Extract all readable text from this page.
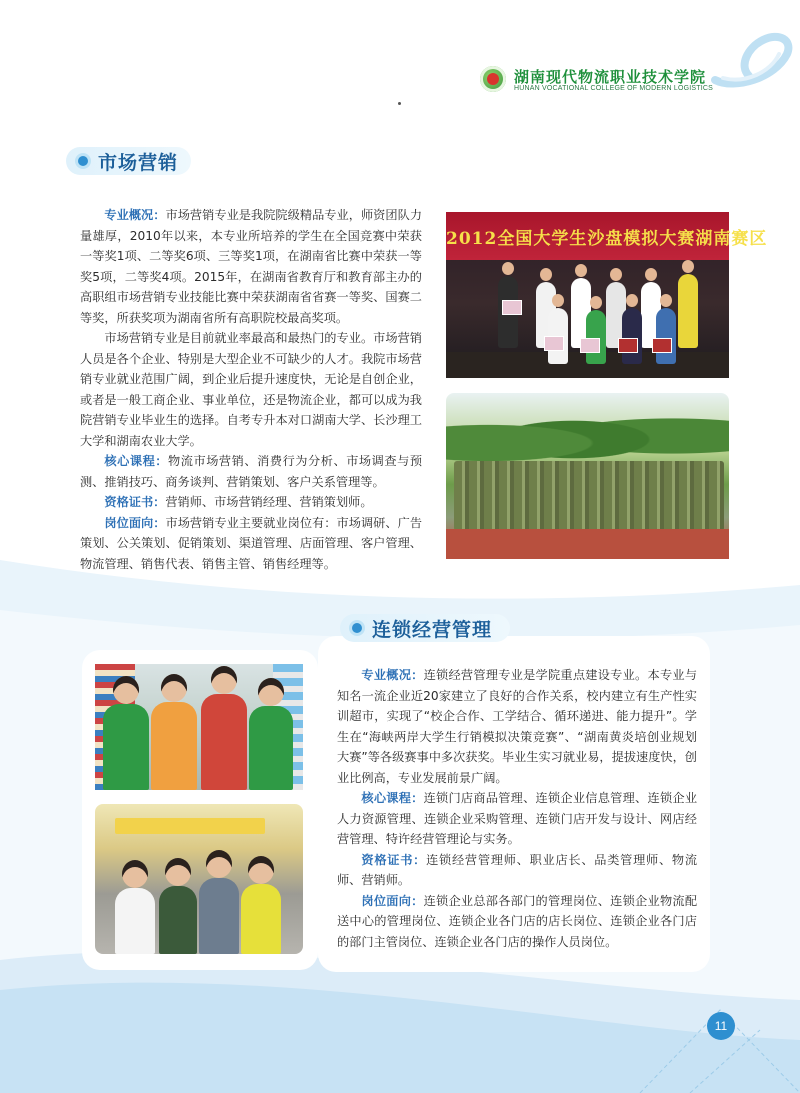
湖南现代物流职业技术学院
HUNAN VOCATIONAL COLLEGE OF MODERN LOGISTICS
市场营销

专业概况：市场营销专业是我院院级精品专业，师资团队力量雄厚，2010年以来，本专业所培养的学生在全国竞赛中荣获一等奖1项、二等奖6项、三等奖1项，在湖南省比赛中荣获一等奖5项，二等奖4项。2015年，在湖南省教育厅和教育部主办的高职组市场营销专业技能比赛中荣获湖南省省赛一等奖、国赛二等奖，所获奖项为湖南省所有高职院校最高奖项。

市场营销专业是目前就业率最高和最热门的专业。市场营销人员是各个企业、特别是大型企业不可缺少的人才。我院市场营销专业就业范围广阔，到企业后提升速度快，无论是自创企业，或者是一般工商企业、事业单位，还是物流企业，都可以成为我院营销专业毕业生的选择。自考专升本对口湖南大学、长沙理工大学和湖南农业大学。

核心课程：物流市场营销、消费行为分析、市场调查与预测、推销技巧、商务谈判、营销策划、客户关系管理等。

资格证书：营销师、市场营销经理、营销策划师。

岗位面向：市场营销专业主要就业岗位有：市场调研、广告策划、公关策划、促销策划、渠道管理、店面管理、客户管理、物流管理、销售代表、销售主管、销售经理等。

2012全国大学生沙盘模拟大赛湖南赛区
连锁经营管理

专业概况：连锁经营管理专业是学院重点建设专业。本专业与知名一流企业近20家建立了良好的合作关系，校内建立有生产性实训超市，实现了“校企合作、工学结合、循环递进、能力提升”。学生在“海峡两岸大学生行销模拟决策竞赛”、“湖南黄炎培创业规划大赛”等各级赛事中多次获奖。毕业生实习就业易，提拔速度快，创业比例高，专业发展前景广阔。

核心课程：连锁门店商品管理、连锁企业信息管理、连锁企业人力资源管理、连锁企业采购管理、连锁门店开发与设计、网店经营管理、特许经营管理论与实务。

资格证书：连锁经营管理师、职业店长、品类管理师、物流师、营销师。

岗位面向：连锁企业总部各部门的管理岗位、连锁企业物流配送中心的管理岗位、连锁企业各门店的店长岗位、连锁企业各门店的部门主管岗位、连锁企业各门店的操作人员岗位。

11
